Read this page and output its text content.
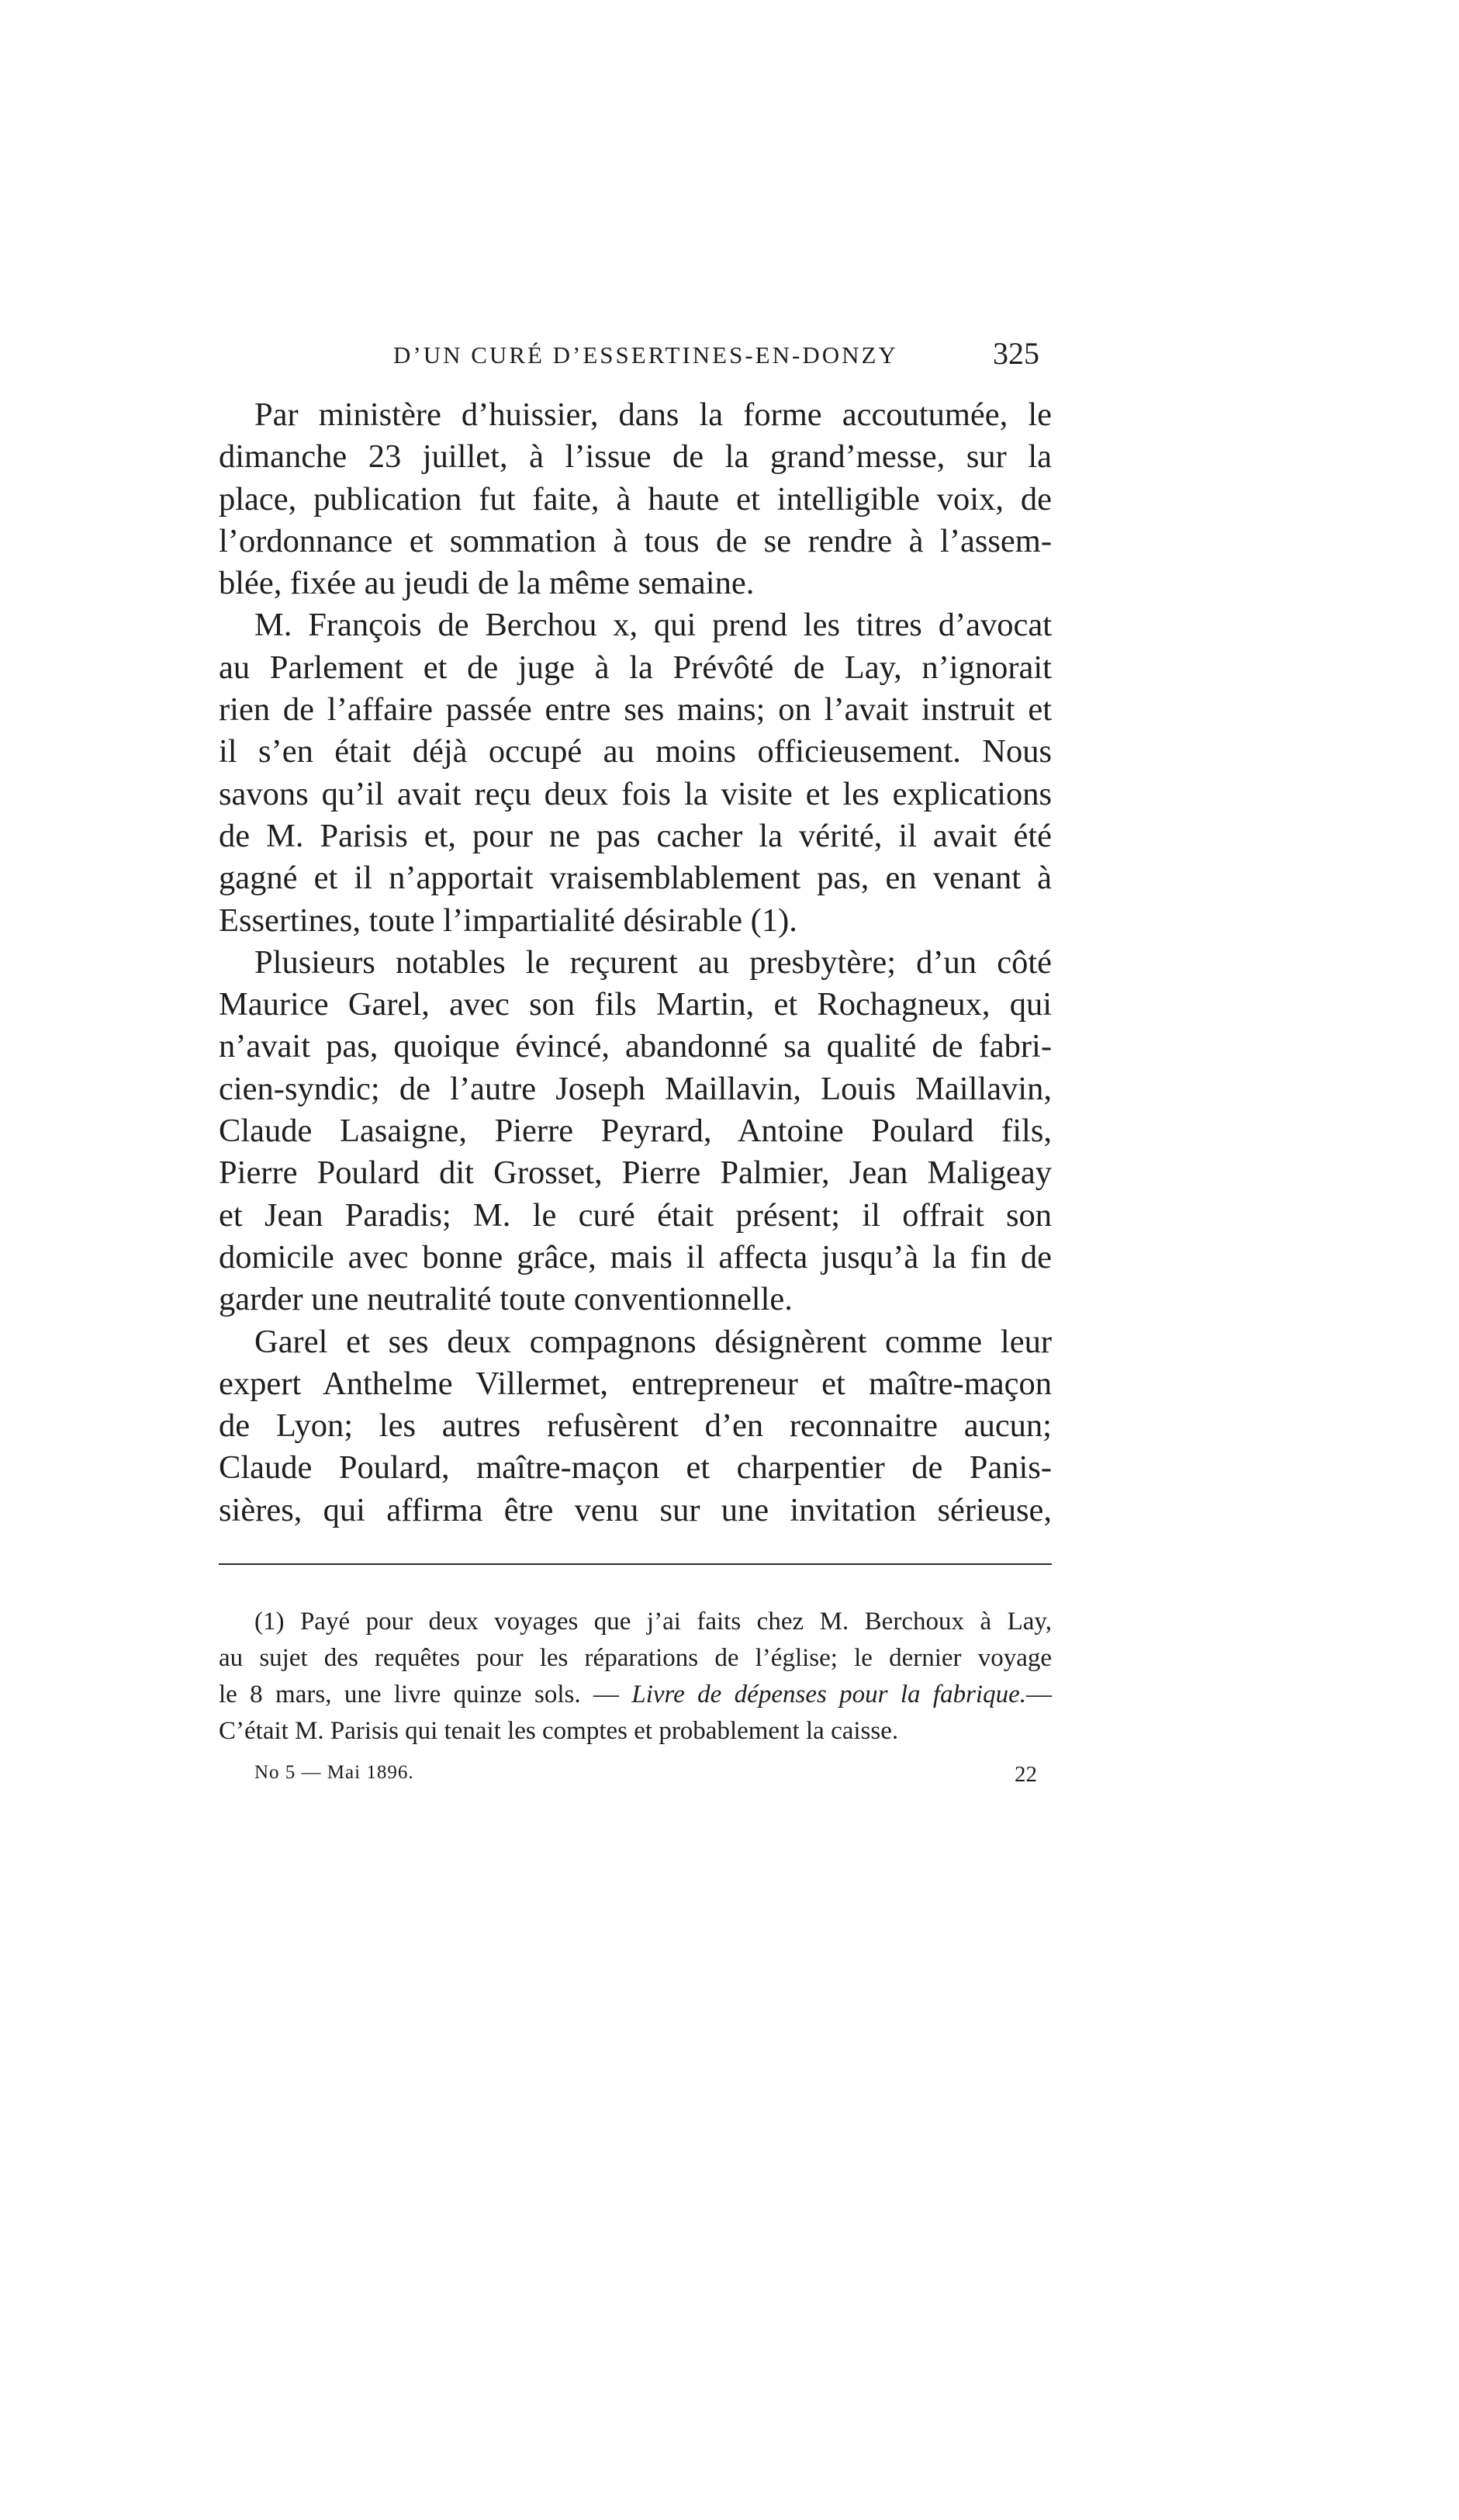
D’UN CURÉ D’ESSERTINES-EN-DONZY	325
Par ministère d’huissier, dans la forme accoutumée, le
dimanche 23 juillet, à l’issue de la grand’messe, sur la
place, publication fut faite, à haute et intelligible voix, de
l’ordonnance et sommation à tous de se rendre à l’assem-
blée, fixée au jeudi de la même semaine.
M. François de Berchou x, qui prend les titres d’avocat
au Parlement et de juge à la Prévôté de Lay, n’ignorait
rien de l’affaire passée entre ses mains; on l’avait instruit et
il s’en était déjà occupé au moins officieusement. Nous
savons qu’il avait reçu deux fois la visite et les explications
de M. Parisis et, pour ne pas cacher la vérité, il avait été
gagné et il n’apportait vraisemblablement pas, en venant à
Essertines, toute l’impartialité désirable (1).
Plusieurs notables le reçurent au presbytère; d’un côté
Maurice Garel, avec son fils Martin, et Rochagneux, qui
n’avait pas, quoique évincé, abandonné sa qualité de fabri-
cien-syndic; de l’autre Joseph Maillavin, Louis Maillavin,
Claude Lasaigne, Pierre Peyrard, Antoine Poulard fils,
Pierre Poulard dit Grosset, Pierre Palmier, Jean Maligeay
et Jean Paradis; M. le curé était présent; il offrait son
domicile avec bonne grâce, mais il affecta jusqu’à la fin de
garder une neutralité toute conventionnelle.
Garel et ses deux compagnons désignèrent comme leur
expert Anthelme Villermet, entrepreneur et maître-maçon
de Lyon; les autres refusèrent d’en reconnaitre aucun;
Claude Poulard, maître-maçon et charpentier de Panis-
sières, qui affirma être venu sur une invitation sérieuse,
(1) Payé pour deux voyages que j’ai faits chez M. Berchoux à Lay,
au sujet des requêtes pour les réparations de l’église; le dernier voyage
le 8 mars, une livre quinze sols. — Livre de dépenses pour la fabrique.—
C’était M. Parisis qui tenait les comptes et probablement la caisse.
No 5 — Mai 1896.	22
